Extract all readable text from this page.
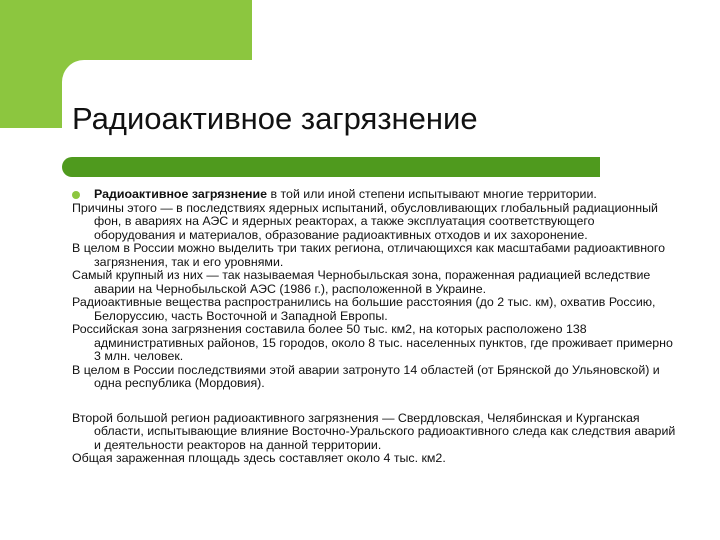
Радиоактивное загрязнение

Радиоактивное загрязнение в той или иной степени испытывают многие территории.

Причины этого — в последствиях ядерных испытаний, обусловливающих глобальный радиационный фон, в авариях на АЭС и ядерных реакторах, а также эксплуатация соответствующего оборудования и материалов, образование радиоактивных отходов и их захоронение.

В целом в России можно выделить три таких региона, отличающихся как масштабами радиоактивного загрязнения, так и его уровнями.

Самый крупный из них — так называемая Чернобыльская зона, пораженная радиацией вследствие аварии на Чернобыльской АЭС (1986 г.), расположенной в Украине.

Радиоактивные вещества распространились на большие расстояния (до 2 тыс. км), охватив Россию, Белоруссию, часть Восточной и Западной Европы.

Российская зона загрязнения составила более 50 тыс. км2, на которых расположено 138 административных районов, 15 городов, около 8 тыс. населенных пунктов, где проживает примерно 3 млн. человек.

В целом в России последствиями этой аварии затронуто 14 областей (от Брянской до Ульяновской) и одна республика (Мордовия).

Второй большой регион радиоактивного загрязнения — Свердловская, Челябинская и Курганская области, испытывающие влияние Восточно-Уральского радиоактивного следа как следствия аварий и деятельности реакторов на данной территории.

Общая зараженная площадь здесь составляет около 4 тыс. км2.
